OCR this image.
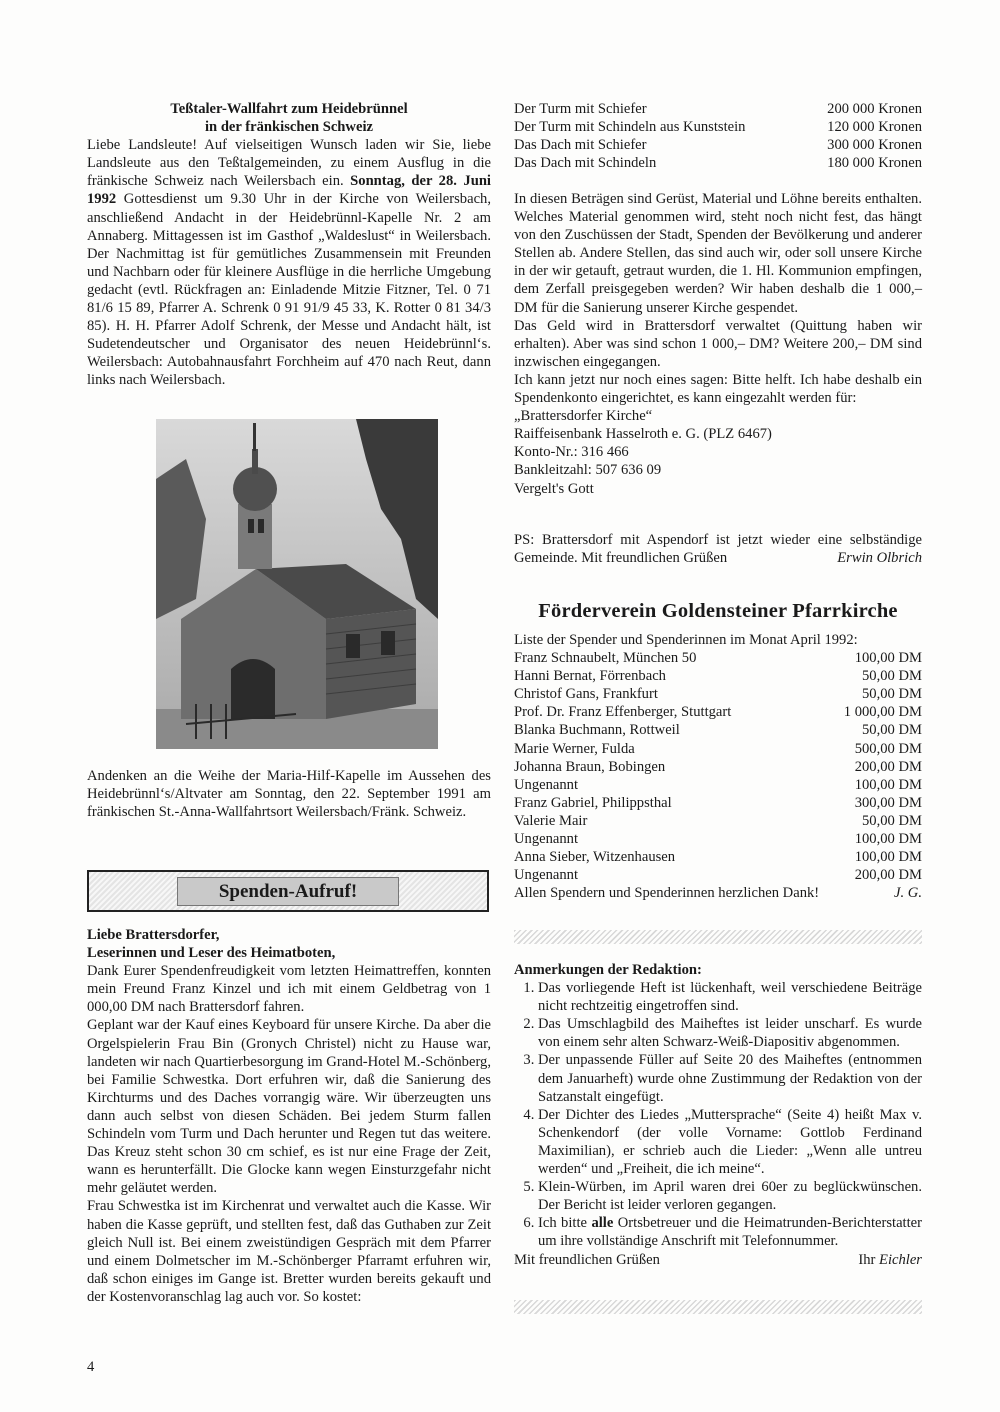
Teßtaler-Wallfahrt zum Heidebrünnel
in der fränkischen Schweiz

Liebe Landsleute! Auf vielseitigen Wunsch laden wir Sie, liebe Landsleute aus den Teßtalgemeinden, zu einem Ausflug in die fränkische Schweiz nach Weilersbach ein. Sonntag, der 28. Juni 1992 Gottesdienst um 9.30 Uhr in der Kirche von Weilersbach, anschließend Andacht in der Heidebrünnl-Kapelle Nr. 2 am Annaberg. Mittagessen ist im Gasthof „Waldeslust“ in Weilersbach. Der Nachmittag ist für gemütliches Zusammensein mit Freunden und Nachbarn oder für kleinere Ausflüge in die herrliche Umgebung gedacht (evtl. Rückfragen an: Einladende Mitzie Fitzner, Tel. 0 71 81/6 15 89, Pfarrer A. Schrenk 0 91 91/9 45 33, K. Rotter 0 81 34/3 85). H. H. Pfarrer Adolf Schrenk, der Messe und Andacht hält, ist Sudetendeutscher und Organisator des neuen Heidebrünnl‘s. Weilersbach: Autobahnausfahrt Forchheim auf 470 nach Reut, dann links nach Weilersbach.

Andenken an die Weihe der Maria-Hilf-Kapelle im Aussehen des Heidebrünnl‘s/Altvater am Sonntag, den 22. September 1991 am fränkischen St.-Anna-Wallfahrtsort Weilersbach/Fränk. Schweiz.

Spenden-Aufruf!
Liebe Brattersdorfer,
Leserinnen und Leser des Heimatboten,

Dank Eurer Spendenfreudigkeit vom letzten Heimattreffen, konnten mein Freund Franz Kinzel und ich mit einem Geldbetrag von 1 000,00 DM nach Brattersdorf fahren.

Geplant war der Kauf eines Keyboard für unsere Kirche. Da aber die Orgelspielerin Frau Bin (Gronych Christel) nicht zu Hause war, landeten wir nach Quartierbesorgung im Grand-Hotel M.-Schönberg, bei Familie Schwestka. Dort erfuhren wir, daß die Sanierung des Kirchturms und des Daches vorrangig wäre. Wir überzeugten uns dann auch selbst von diesen Schäden. Bei jedem Sturm fallen Schindeln vom Turm und Dach herunter und Regen tut das weitere. Das Kreuz steht schon 30 cm schief, es ist nur eine Frage der Zeit, wann es herunterfällt. Die Glocke kann wegen Einsturzgefahr nicht mehr geläutet werden.

Frau Schwestka ist im Kirchenrat und verwaltet auch die Kasse. Wir haben die Kasse geprüft, und stellten fest, daß das Guthaben zur Zeit gleich Null ist. Bei einem zweistündigen Gespräch mit dem Pfarrer und einem Dolmetscher im M.-Schönberger Pfarramt erfuhren wir, daß schon einiges im Gange ist. Bretter wurden bereits gekauft und der Kostenvoranschlag lag auch vor. So kostet:

4
Der Turm mit Schiefer	200 000 Kronen
Der Turm mit Schindeln aus Kunststein	120 000 Kronen
Das Dach mit Schiefer	300 000 Kronen
Das Dach mit Schindeln	180 000 Kronen

In diesen Beträgen sind Gerüst, Material und Löhne bereits enthalten. Welches Material genommen wird, steht noch nicht fest, das hängt von den Zuschüssen der Stadt, Spenden der Bevölkerung und anderer Stellen ab. Andere Stellen, das sind auch wir, oder soll unsere Kirche in der wir getauft, getraut wurden, die 1. Hl. Kommunion empfingen, dem Zerfall preisgegeben werden? Wir haben deshalb die 1 000,– DM für die Sanierung unserer Kirche gespendet.

Das Geld wird in Brattersdorf verwaltet (Quittung haben wir erhalten). Aber was sind schon 1 000,– DM? Weitere 200,– DM sind inzwischen eingegangen.

Ich kann jetzt nur noch eines sagen: Bitte helft. Ich habe deshalb ein Spendenkonto eingerichtet, es kann eingezahlt werden für:

„Brattersdorfer Kirche“
Raiffeisenbank Hasselroth e. G. (PLZ 6467)
Konto-Nr.: 316 466
Bankleitzahl: 507 636 09
Vergelt's Gott

PS: Brattersdorf mit Aspendorf ist jetzt wieder eine selbständige Gemeinde. Mit freundlichen Grüßen	Erwin Olbrich

Förderverein Goldensteiner Pfarrkirche
Liste der Spender und Spenderinnen im Monat April 1992:
Franz Schnaubelt, München 50	100,00 DM
Hanni Bernat, Förrenbach	50,00 DM
Christof Gans, Frankfurt	50,00 DM
Prof. Dr. Franz Effenberger, Stuttgart	1 000,00 DM
Blanka Buchmann, Rottweil	50,00 DM
Marie Werner, Fulda	500,00 DM
Johanna Braun, Bobingen	200,00 DM
Ungenannt	100,00 DM
Franz Gabriel, Philippsthal	300,00 DM
Valerie Mair	50,00 DM
Ungenannt	100,00 DM
Anna Sieber, Witzenhausen	100,00 DM
Ungenannt	200,00 DM
Allen Spendern und Spenderinnen herzlichen Dank!	J. G.
Anmerkungen der Redaktion:
1. Das vorliegende Heft ist lückenhaft, weil verschiedene Beiträge nicht rechtzeitig eingetroffen sind.
2. Das Umschlagbild des Maiheftes ist leider unscharf. Es wurde von einem sehr alten Schwarz-Weiß-Diapositiv abgenommen.
3. Der unpassende Füller auf Seite 20 des Maiheftes (entnommen dem Januarheft) wurde ohne Zustimmung der Redaktion von der Satzanstalt eingefügt.
4. Der Dichter des Liedes „Muttersprache“ (Seite 4) heißt Max v. Schenkendorf (der volle Vorname: Gottlob Ferdinand Maximilian), er schrieb auch die Lieder: „Wenn alle untreu werden“ und „Freiheit, die ich meine“.
5. Klein-Würben, im April waren drei 60er zu beglückwünschen. Der Bericht ist leider verloren gegangen.
6. Ich bitte alle Ortsbetreuer und die Heimatrunden-Berichterstatter um ihre vollständige Anschrift mit Telefonnummer.
Mit freundlichen Grüßen	Ihr Eichler
